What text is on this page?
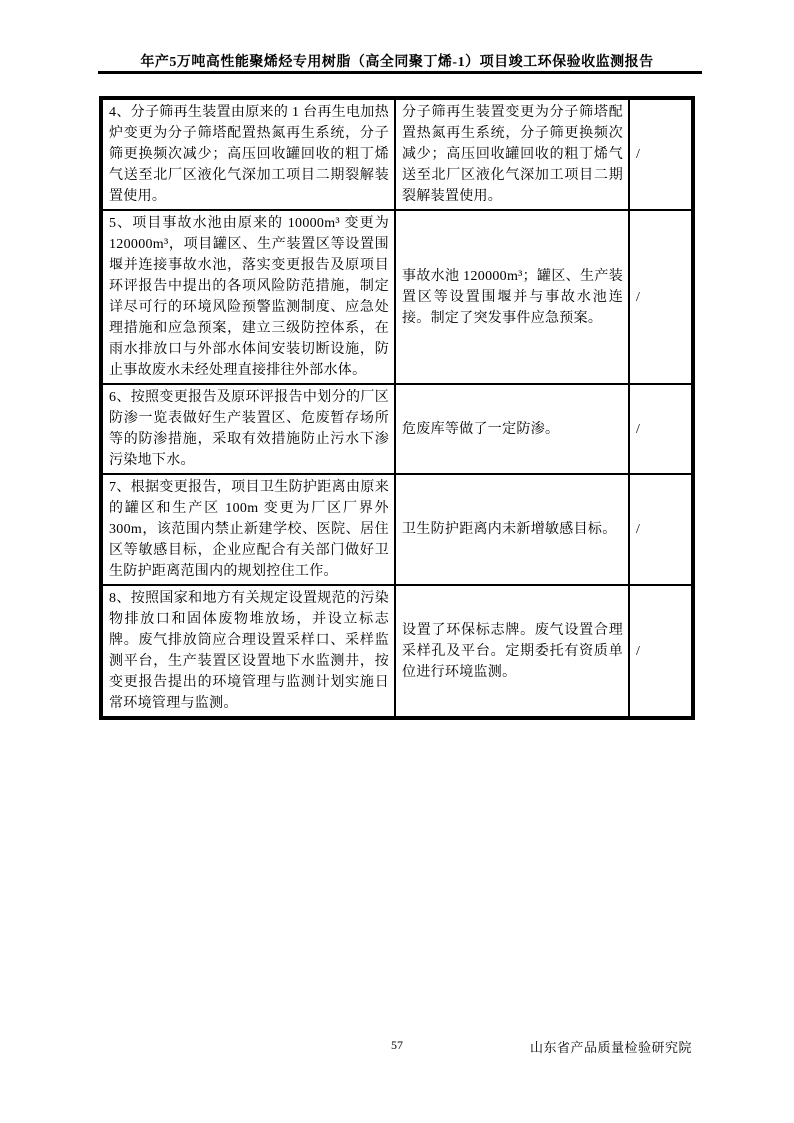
年产5万吨高性能聚烯烃专用树脂（高全同聚丁烯-1）项目竣工环保验收监测报告
4、分子筛再生装置由原来的 1 台再生电加热炉变更为分子筛塔配置热氮再生系统，分子筛更换频次减少；高压回收罐回收的粗丁烯气送至北厂区液化气深加工项目二期裂解装置使用。	分子筛再生装置变更为分子筛塔配置热氮再生系统，分子筛更换频次减少；高压回收罐回收的粗丁烯气送至北厂区液化气深加工项目二期裂解装置使用。	/
5、项目事故水池由原来的 10000m³ 变更为120000m³，项目罐区、生产装置区等设置围堰并连接事故水池，落实变更报告及原项目环评报告中提出的各项风险防范措施，制定详尽可行的环境风险预警监测制度、应急处理措施和应急预案，建立三级防控体系，在雨水排放口与外部水体间安装切断设施，防止事故废水未经处理直接排往外部水体。	事故水池 120000m³；罐区、生产装置区等设置围堰并与事故水池连接。制定了突发事件应急预案。	/
6、按照变更报告及原环评报告中划分的厂区防渗一览表做好生产装置区、危废暂存场所等的防渗措施，采取有效措施防止污水下渗污染地下水。	危废库等做了一定防渗。	/
7、根据变更报告，项目卫生防护距离由原来的罐区和生产区 100m 变更为厂区厂界外300m，该范围内禁止新建学校、医院、居住区等敏感目标，企业应配合有关部门做好卫生防护距离范围内的规划控住工作。	卫生防护距离内未新增敏感目标。	/
8、按照国家和地方有关规定设置规范的污染物排放口和固体废物堆放场，并设立标志牌。废气排放筒应合理设置采样口、采样监测平台，生产装置区设置地下水监测井，按变更报告提出的环境管理与监测计划实施日常环境管理与监测。	设置了环保标志牌。废气设置合理采样孔及平台。定期委托有资质单位进行环境监测。	/
57	山东省产品质量检验研究院
